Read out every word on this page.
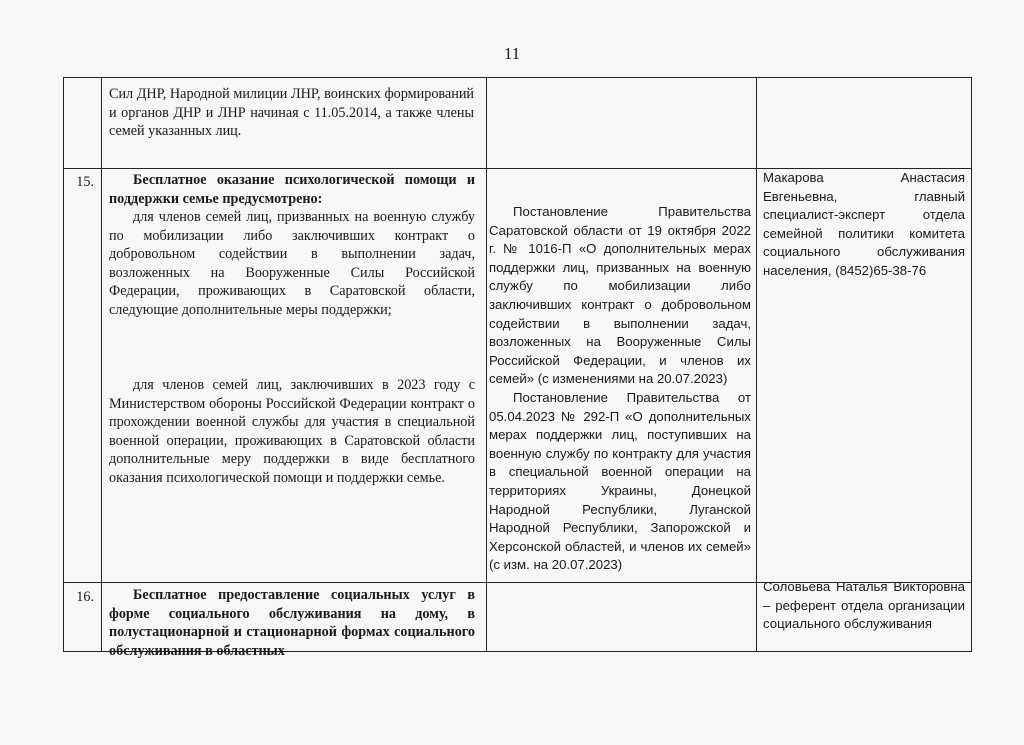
11

Сил ДНР, Народной милиции ЛНР, воинских формирований и органов ДНР и ЛНР начиная с 11.05.2014, а также члены семей указанных лиц.

15.	Бесплатное оказание психологической помощи и поддержки семье предусмотрено:

для членов семей лиц, призванных на военную службу по мобилизации либо заключивших контракт о добровольном содействии в выполнении задач, возложенных на Вооруженные Силы Российской Федерации, проживающих в Саратовской области, следующие дополнительные меры поддержки;

для членов семей лиц, заключивших в 2023 году с Министерством обороны Российской Федерации контракт о прохождении военной службы для участия в специальной военной операции, проживающих в Саратовской области дополнительные меру поддержки в виде бесплатного оказания психологической помощи и поддержки семье.

Постановление Правительства Саратовской области от 19 октября 2022 г. № 1016-П «О дополнительных мерах поддержки лиц, призванных на военную службу по мобилизации либо заключивших контракт о добровольном содействии в выполнении задач, возложенных на Вооруженные Силы Российской Федерации, и членов их семей» (с изменениями на 20.07.2023)

Постановление Правительства от 05.04.2023 № 292-П «О дополнительных мерах поддержки лиц, поступивших на военную службу по контракту для участия в специальной военной операции на территориях Украины, Донецкой Народной Республики, Луганской Народной Республики, Запорожской и Херсонской областей, и членов их семей» (с изм. на 20.07.2023)

Макарова Анастасия Евгеньевна, главный специалист-эксперт отдела семейной политики комитета социального обслуживания населения, (8452)65-38-76
16.	Бесплатное предоставление социальных услуг в форме социального обслуживания на дому, в полустационарной и стационарной формах социального обслуживания в областных

Соловьева Наталья Викторовна – референт отдела организации социального обслуживания
